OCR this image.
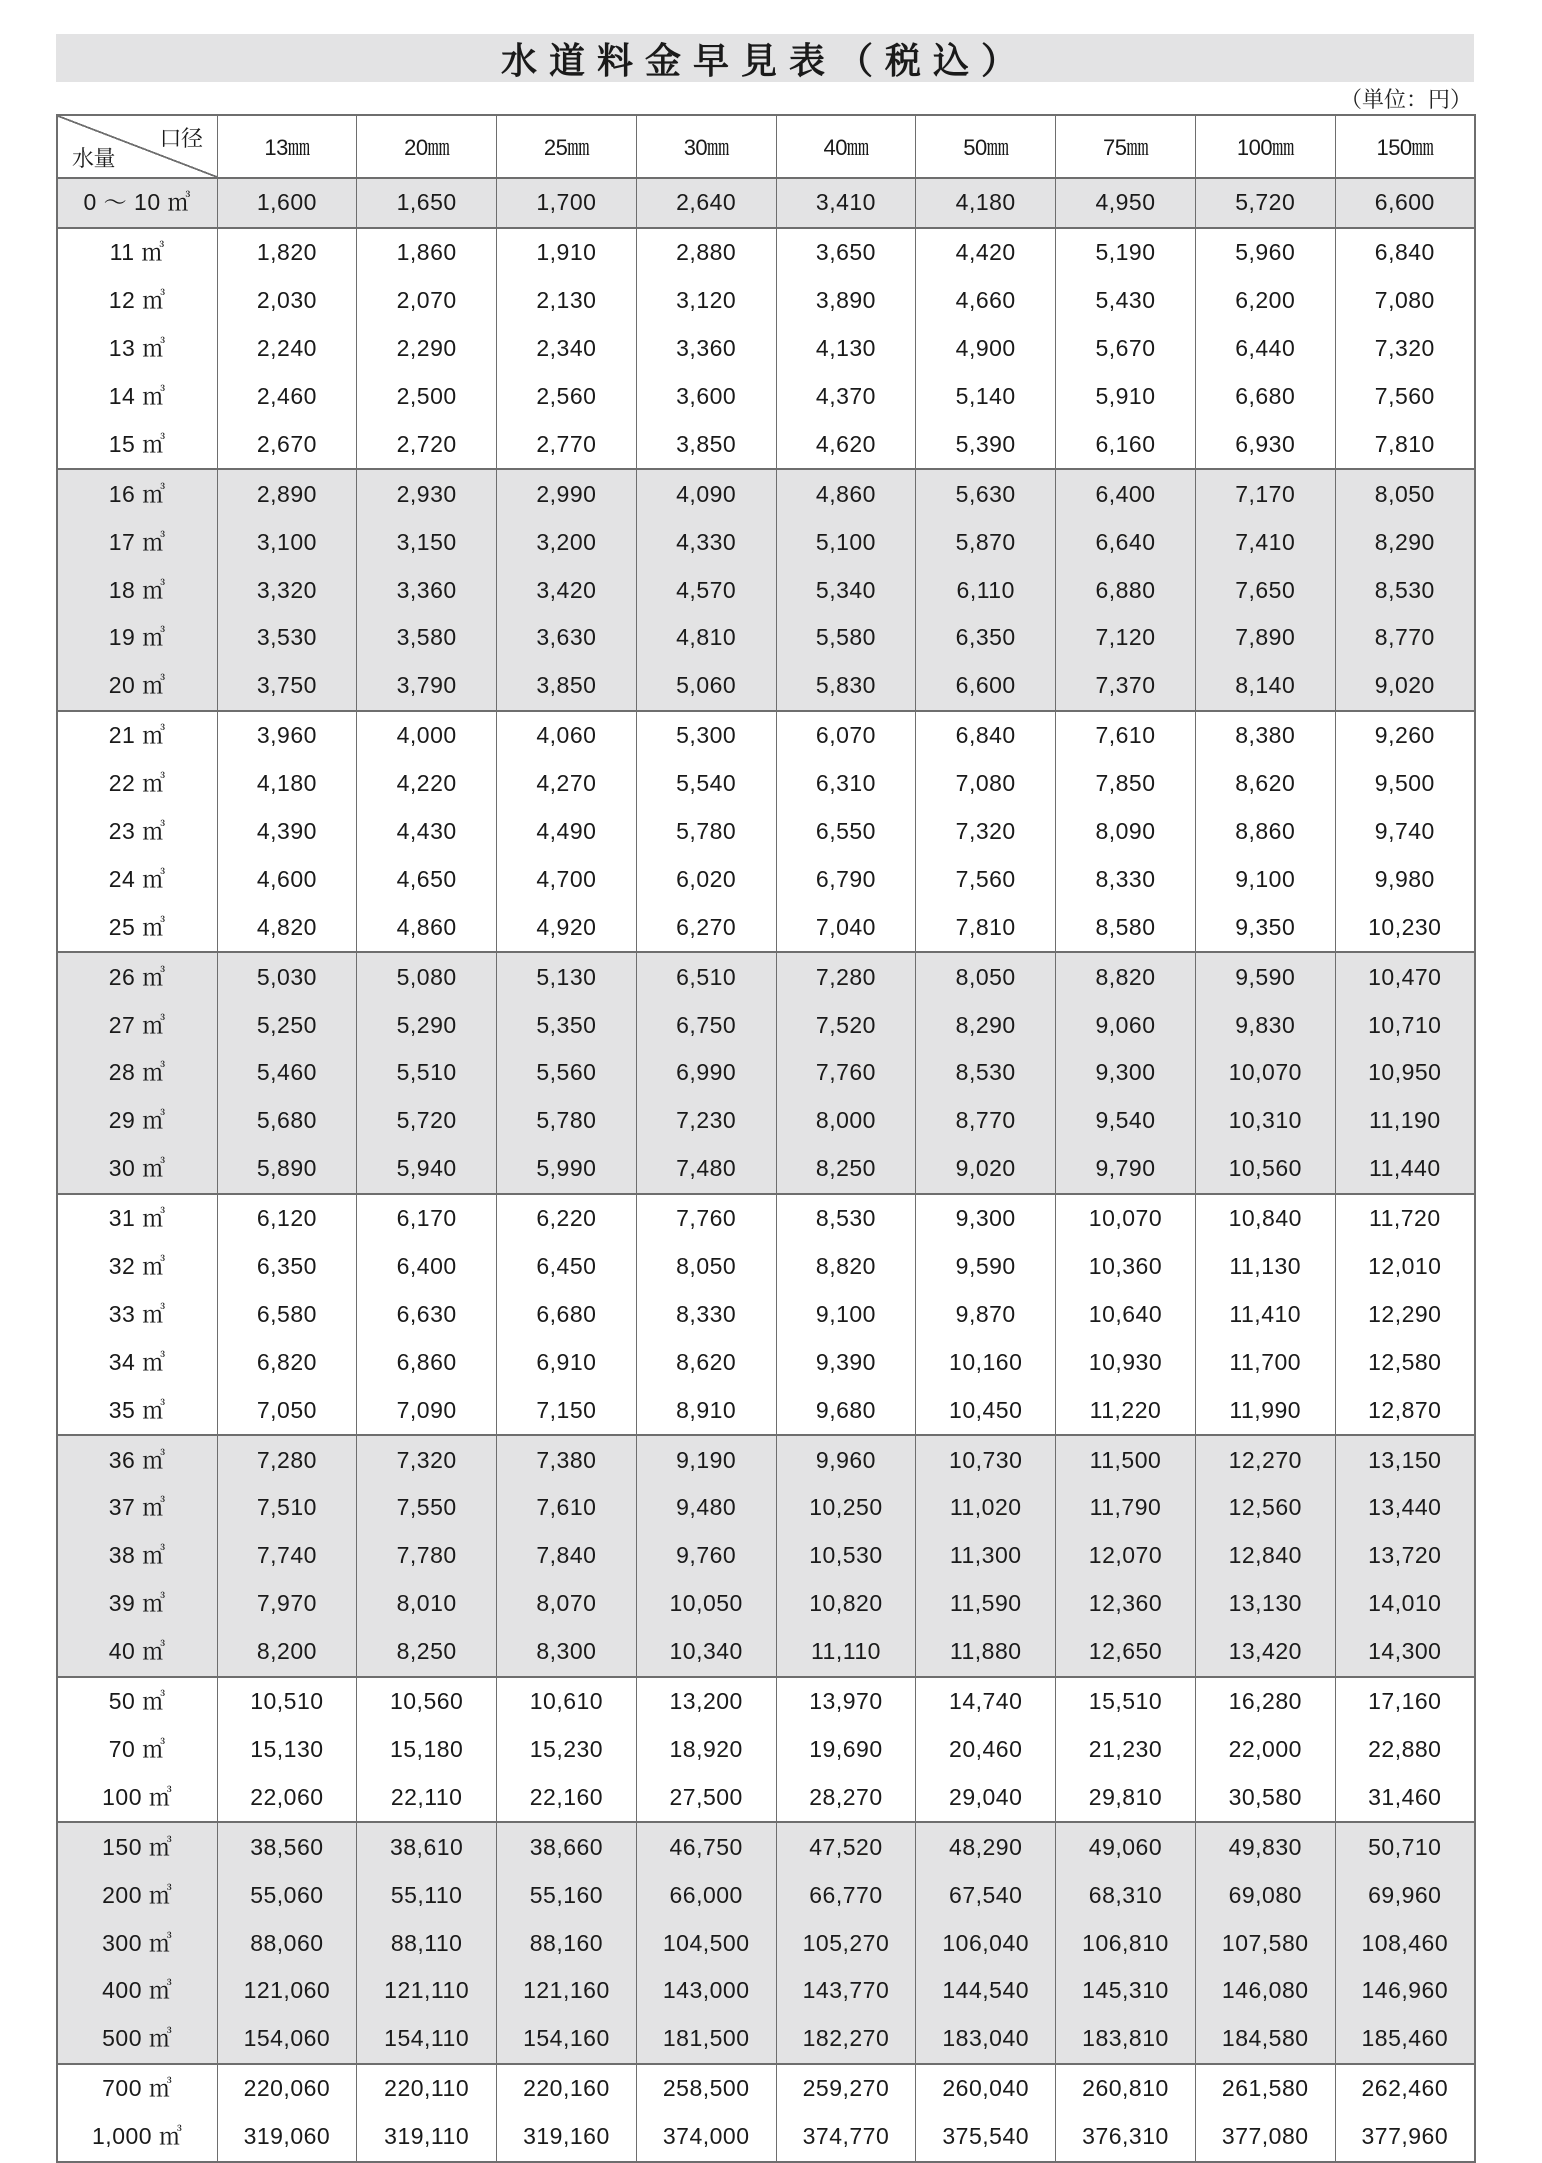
水道料金早見表（税込）
（単位：円）
口径
水量	13㎜	20㎜	25㎜	30㎜	40㎜	50㎜	75㎜	100㎜	150㎜
0 ～ 10 ㎥	1,600	1,650	1,700	2,640	3,410	4,180	4,950	5,720	6,600
11 ㎥	1,820	1,860	1,910	2,880	3,650	4,420	5,190	5,960	6,840
12 ㎥	2,030	2,070	2,130	3,120	3,890	4,660	5,430	6,200	7,080
13 ㎥	2,240	2,290	2,340	3,360	4,130	4,900	5,670	6,440	7,320
14 ㎥	2,460	2,500	2,560	3,600	4,370	5,140	5,910	6,680	7,560
15 ㎥	2,670	2,720	2,770	3,850	4,620	5,390	6,160	6,930	7,810
16 ㎥	2,890	2,930	2,990	4,090	4,860	5,630	6,400	7,170	8,050
17 ㎥	3,100	3,150	3,200	4,330	5,100	5,870	6,640	7,410	8,290
18 ㎥	3,320	3,360	3,420	4,570	5,340	6,110	6,880	7,650	8,530
19 ㎥	3,530	3,580	3,630	4,810	5,580	6,350	7,120	7,890	8,770
20 ㎥	3,750	3,790	3,850	5,060	5,830	6,600	7,370	8,140	9,020
21 ㎥	3,960	4,000	4,060	5,300	6,070	6,840	7,610	8,380	9,260
22 ㎥	4,180	4,220	4,270	5,540	6,310	7,080	7,850	8,620	9,500
23 ㎥	4,390	4,430	4,490	5,780	6,550	7,320	8,090	8,860	9,740
24 ㎥	4,600	4,650	4,700	6,020	6,790	7,560	8,330	9,100	9,980
25 ㎥	4,820	4,860	4,920	6,270	7,040	7,810	8,580	9,350	10,230
26 ㎥	5,030	5,080	5,130	6,510	7,280	8,050	8,820	9,590	10,470
27 ㎥	5,250	5,290	5,350	6,750	7,520	8,290	9,060	9,830	10,710
28 ㎥	5,460	5,510	5,560	6,990	7,760	8,530	9,300	10,070	10,950
29 ㎥	5,680	5,720	5,780	7,230	8,000	8,770	9,540	10,310	11,190
30 ㎥	5,890	5,940	5,990	7,480	8,250	9,020	9,790	10,560	11,440
31 ㎥	6,120	6,170	6,220	7,760	8,530	9,300	10,070	10,840	11,720
32 ㎥	6,350	6,400	6,450	8,050	8,820	9,590	10,360	11,130	12,010
33 ㎥	6,580	6,630	6,680	8,330	9,100	9,870	10,640	11,410	12,290
34 ㎥	6,820	6,860	6,910	8,620	9,390	10,160	10,930	11,700	12,580
35 ㎥	7,050	7,090	7,150	8,910	9,680	10,450	11,220	11,990	12,870
36 ㎥	7,280	7,320	7,380	9,190	9,960	10,730	11,500	12,270	13,150
37 ㎥	7,510	7,550	7,610	9,480	10,250	11,020	11,790	12,560	13,440
38 ㎥	7,740	7,780	7,840	9,760	10,530	11,300	12,070	12,840	13,720
39 ㎥	7,970	8,010	8,070	10,050	10,820	11,590	12,360	13,130	14,010
40 ㎥	8,200	8,250	8,300	10,340	11,110	11,880	12,650	13,420	14,300
50 ㎥	10,510	10,560	10,610	13,200	13,970	14,740	15,510	16,280	17,160
70 ㎥	15,130	15,180	15,230	18,920	19,690	20,460	21,230	22,000	22,880
100 ㎥	22,060	22,110	22,160	27,500	28,270	29,040	29,810	30,580	31,460
150 ㎥	38,560	38,610	38,660	46,750	47,520	48,290	49,060	49,830	50,710
200 ㎥	55,060	55,110	55,160	66,000	66,770	67,540	68,310	69,080	69,960
300 ㎥	88,060	88,110	88,160	104,500	105,270	106,040	106,810	107,580	108,460
400 ㎥	121,060	121,110	121,160	143,000	143,770	144,540	145,310	146,080	146,960
500 ㎥	154,060	154,110	154,160	181,500	182,270	183,040	183,810	184,580	185,460
700 ㎥	220,060	220,110	220,160	258,500	259,270	260,040	260,810	261,580	262,460
1,000 ㎥	319,060	319,110	319,160	374,000	374,770	375,540	376,310	377,080	377,960
